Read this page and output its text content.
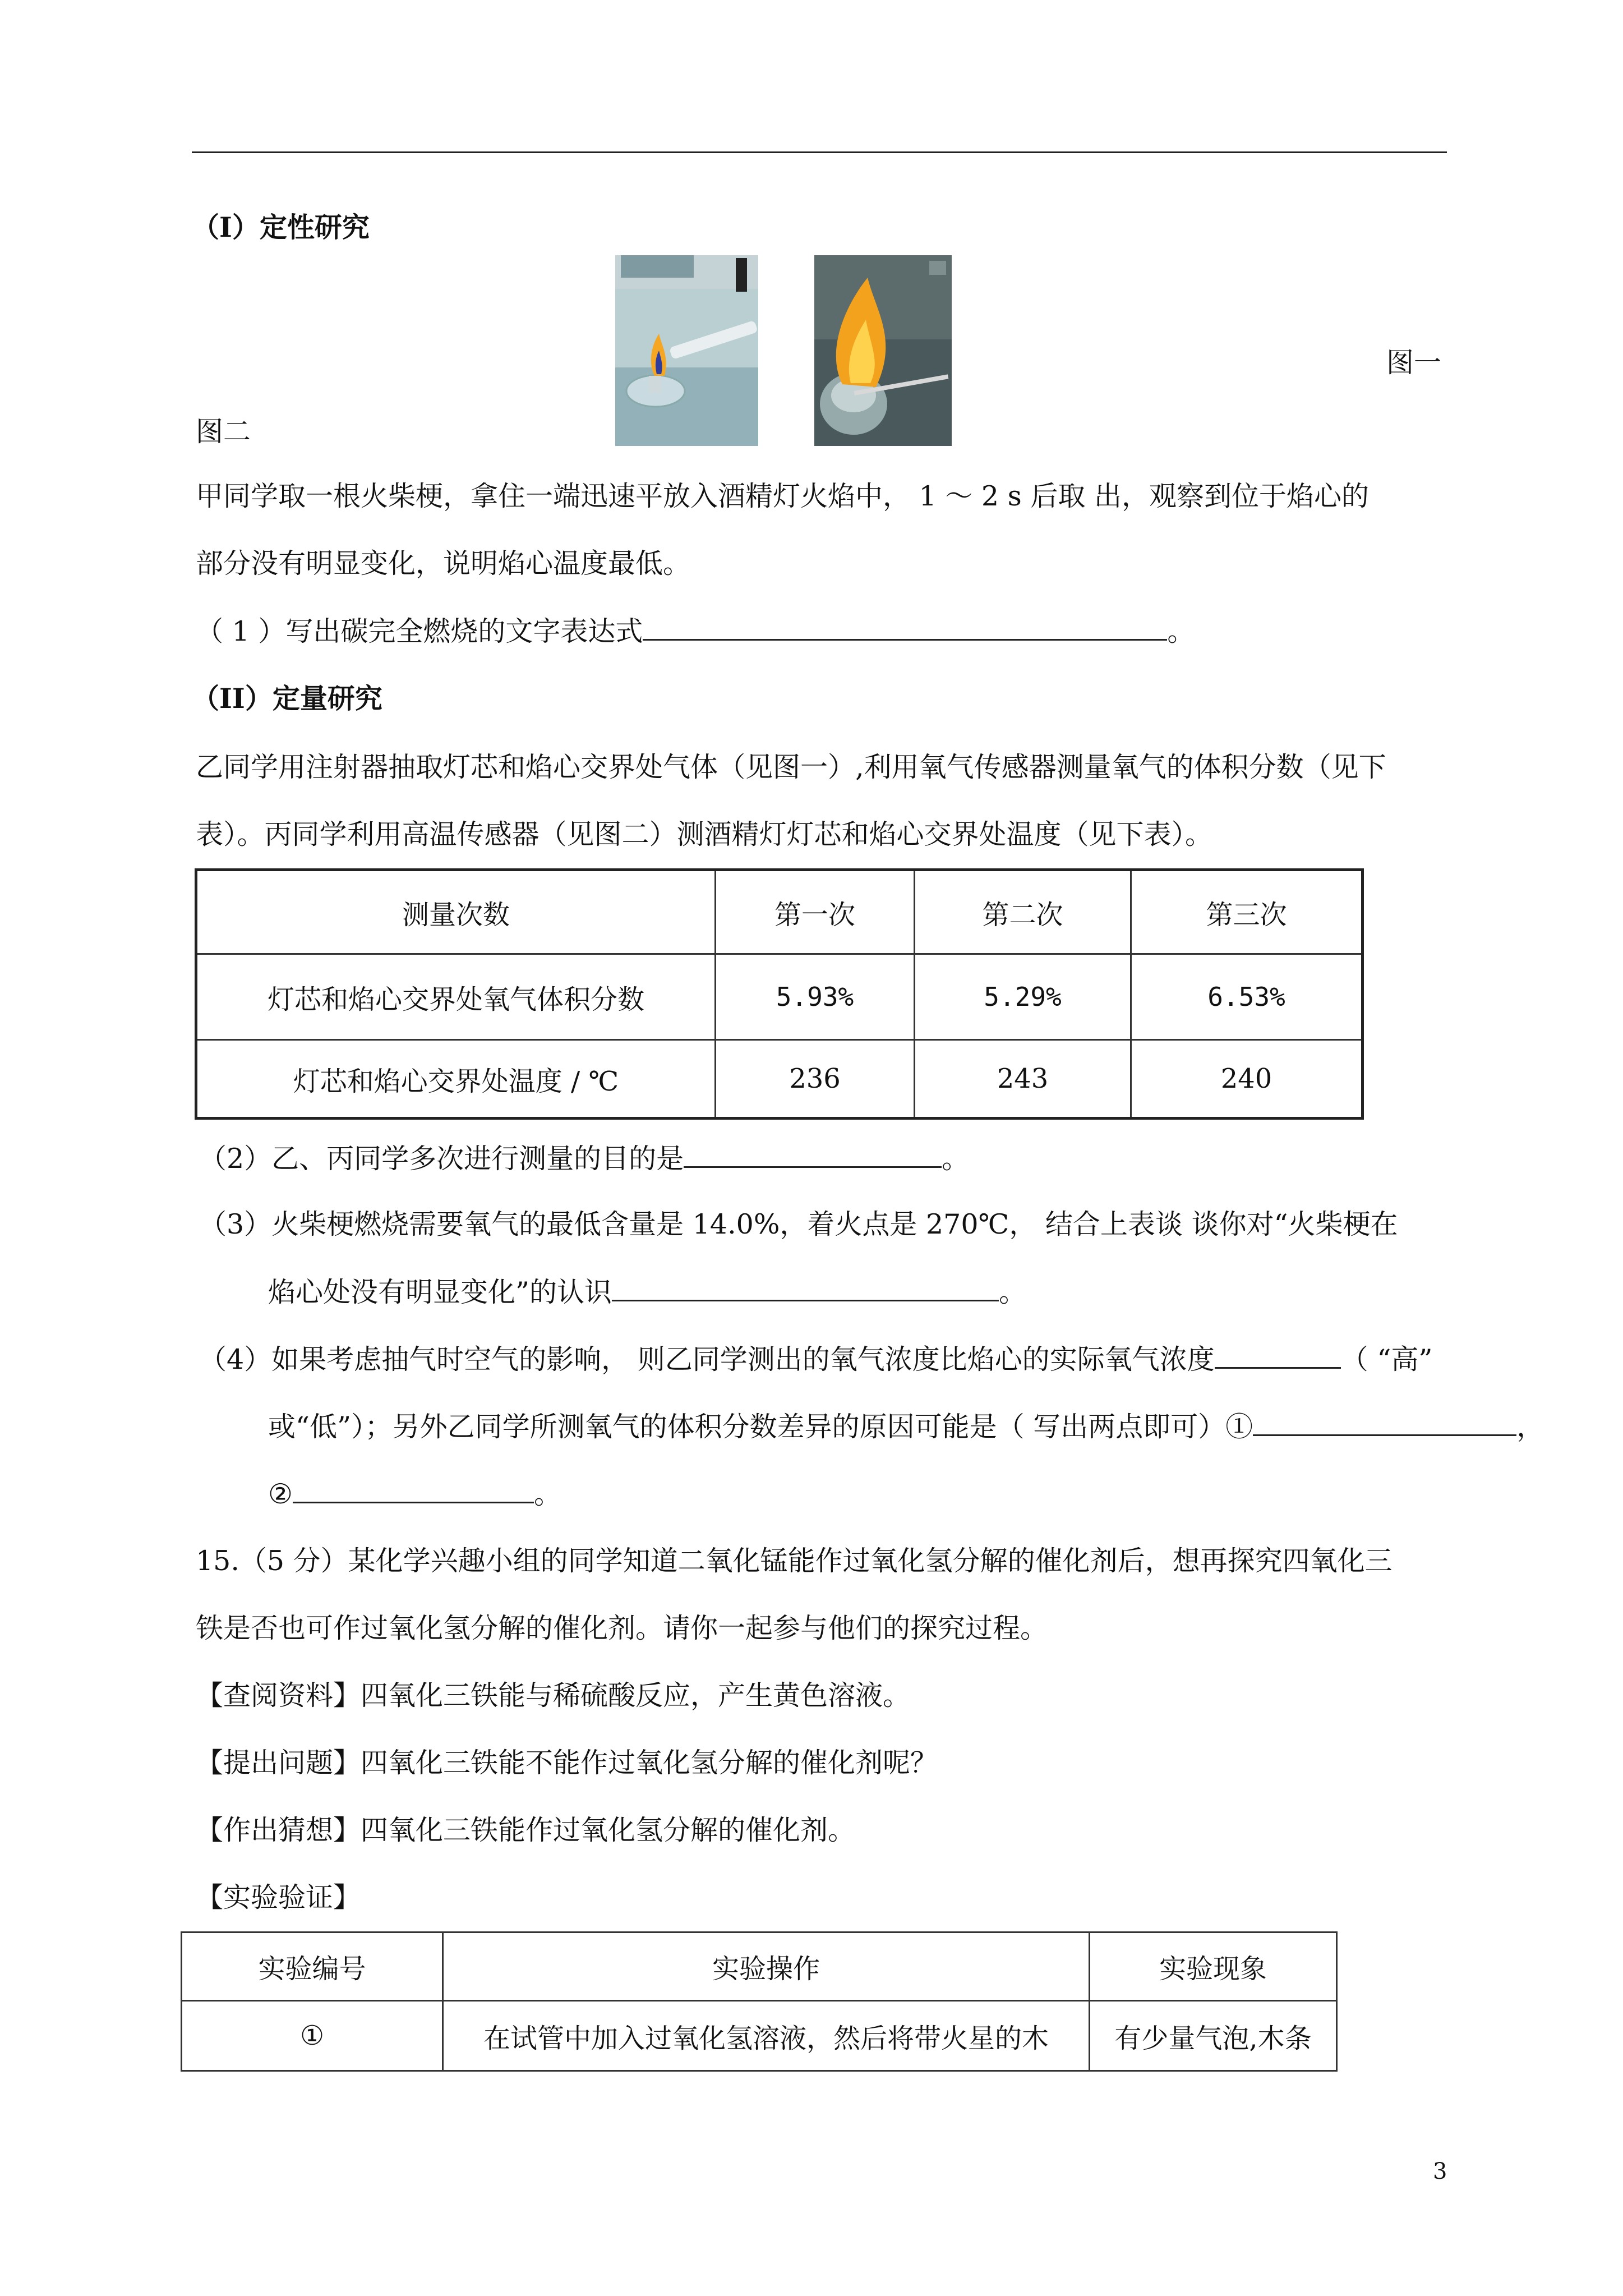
（I）定性研究
图一
图二
甲同学取一根火柴梗，拿住一端迅速平放入酒精灯火焰中， 1 ～ 2 s 后取 出，观察到位于焰心的
部分没有明显变化，说明焰心温度最低。
（ 1 ）写出碳完全燃烧的文字表达式	。
（II）定量研究
乙同学用注射器抽取灯芯和焰心交界处气体（见图一）,利用氧气传感器测量氧气的体积分数（见下
表）。丙同学利用高温传感器（见图二）测酒精灯灯芯和焰心交界处温度（见下表）。
测量次数	第一次	第二次	第三次
灯芯和焰心交界处氧气体积分数	5.93%	5.29%	6.53%
灯芯和焰心交界处温度 / ℃	236	243	240
（2）乙、丙同学多次进行测量的目的是	。
（3）火柴梗燃烧需要氧气的最低含量是 14.0%，着火点是 270℃， 结合上表谈 谈你对“火柴梗在
焰心处没有明显变化”的认识	。
（4）如果考虑抽气时空气的影响， 则乙同学测出的氧气浓度比焰心的实际氧气浓度	（ “高”
或“低”）；另外乙同学所测氧气的体积分数差异的原因可能是（ 写出两点即可）①	，
②	。
15.（5 分）某化学兴趣小组的同学知道二氧化锰能作过氧化氢分解的催化剂后，想再探究四氧化三
铁是否也可作过氧化氢分解的催化剂。请你一起参与他们的探究过程。
【查阅资料】四氧化三铁能与稀硫酸反应，产生黄色溶液。
【提出问题】四氧化三铁能不能作过氧化氢分解的催化剂呢？
【作出猜想】四氧化三铁能作过氧化氢分解的催化剂。
【实验验证】
实验编号	实验操作	实验现象
①	在试管中加入过氧化氢溶液，然后将带火星的木	有少量气泡,木条
3
